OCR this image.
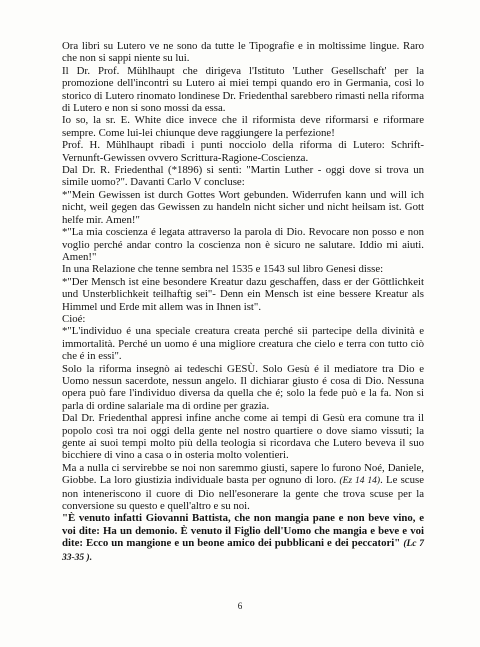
Ora libri su Lutero ve ne sono da tutte le Tipografie e in moltissime lingue. Raro che non si sappi niente su lui.

Il Dr. Prof. Mühlhaupt che dirigeva l'Istituto 'Luther Gesellschaft' per la promozione dell'incontri su Lutero ai miei tempi quando ero in Germania, così lo storico di Lutero rinomato londinese Dr. Friedenthal sarebbero rimasti nella riforma di Lutero e non si sono mossi da essa.

Io so, la sr. E. White dice invece che il riformista deve riformarsi e riformare sempre. Come lui-lei chiunque deve raggiungere la perfezione!

Prof. H. Mühlhaupt ribadì i punti nocciolo della riforma di Lutero: Schrift-Vernunft-Gewissen ovvero Scrittura-Ragione-Coscienza.

Dal Dr. R. Friedenthal (*1896) si sentì: "Martin Luther - oggi dove si trova un simile uomo?". Davanti Carlo V concluse:

*"Mein Gewissen ist durch Gottes Wort gebunden. Widerrufen kann und will ich nicht, weil gegen das Gewissen zu handeln nicht sicher und nicht heilsam ist. Gott helfe mir. Amen!"

*"La mia coscienza é legata attraverso la parola di Dio. Revocare non posso e non voglio perché andar contro la coscienza non è sicuro ne salutare. Iddio mi aiuti. Amen!"

In una Relazione che tenne sembra nel 1535 e 1543 sul libro Genesi disse:

*"Der Mensch ist eine besondere Kreatur dazu geschaffen, dass er der Göttlichkeit und Unsterblichkeit teilhaftig sei"- Denn ein Mensch ist eine bessere Kreatur als Himmel und Erde mit allem was in Ihnen ist".

Cioé:

*"L'individuo é una speciale creatura creata perché sii partecipe della divinità e immortalità. Perché un uomo é una migliore creatura che cielo e terra con tutto ciò che é in essi".

Solo la riforma insegnò ai tedeschi GESÙ. Solo Gesù é il mediatore tra Dio e Uomo nessun sacerdote, nessun angelo. Il dichiarar giusto é cosa di Dio. Nessuna opera può fare l'individuo diversa da quella che é; solo la fede può e la fa. Non si parla di ordine salariale ma di ordine per grazia.

Dal Dr. Friedenthal appresi infine anche come ai tempi di Gesù era comune tra il popolo così tra noi oggi della gente nel nostro quartiere o dove siamo vissuti; la gente ai suoi tempi molto più della teologia si ricordava che Lutero beveva il suo bicchiere di vino a casa o in osteria molto volentieri.

Ma a nulla ci servirebbe se noi non saremmo giusti, sapere lo furono Noé, Daniele, Giobbe. La loro giustizia individuale basta per ognuno di loro. (Ez 14 14). Le scuse non inteneriscono il cuore di Dio nell'esonerare la gente che trova scuse per la conversione su questo e quell'altro e su noi.

"È venuto infatti Giovanni Battista, che non mangia pane e non beve vino, e voi dite: Ha un demonio. È venuto il Figlio dell'Uomo che mangia e beve e voi dite: Ecco un mangione e un beone amico dei pubblicani e dei peccatori" (Lc 7 33-35 ).

6
